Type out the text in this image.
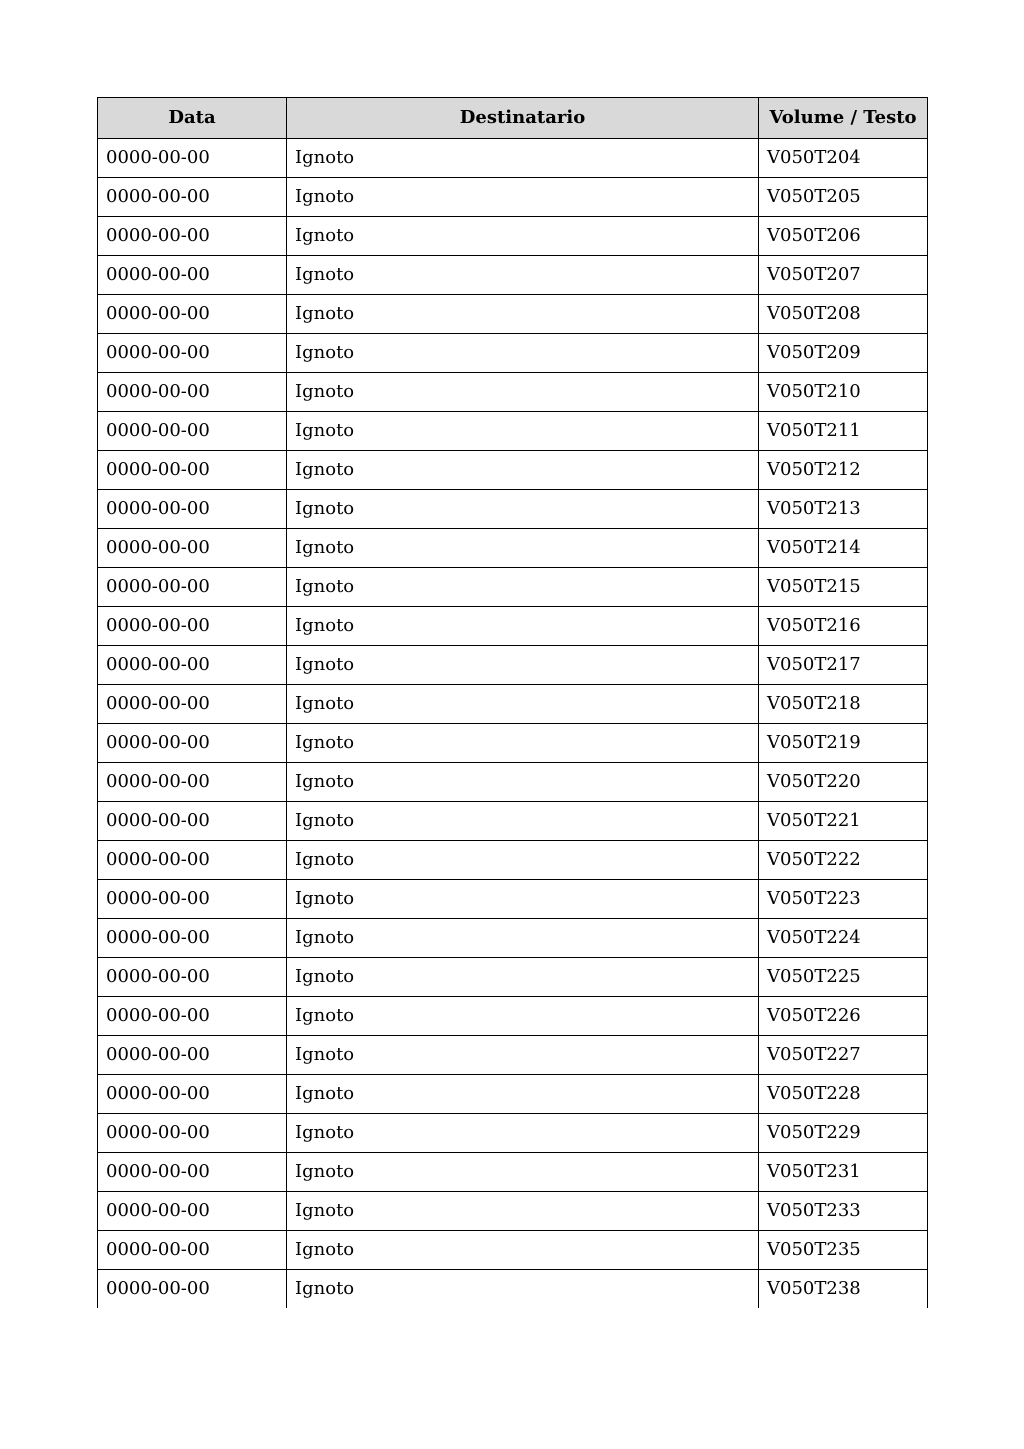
Data	Destinatario	Volume / Testo
0000-00-00	Ignoto	V050T204
0000-00-00	Ignoto	V050T205
0000-00-00	Ignoto	V050T206
0000-00-00	Ignoto	V050T207
0000-00-00	Ignoto	V050T208
0000-00-00	Ignoto	V050T209
0000-00-00	Ignoto	V050T210
0000-00-00	Ignoto	V050T211
0000-00-00	Ignoto	V050T212
0000-00-00	Ignoto	V050T213
0000-00-00	Ignoto	V050T214
0000-00-00	Ignoto	V050T215
0000-00-00	Ignoto	V050T216
0000-00-00	Ignoto	V050T217
0000-00-00	Ignoto	V050T218
0000-00-00	Ignoto	V050T219
0000-00-00	Ignoto	V050T220
0000-00-00	Ignoto	V050T221
0000-00-00	Ignoto	V050T222
0000-00-00	Ignoto	V050T223
0000-00-00	Ignoto	V050T224
0000-00-00	Ignoto	V050T225
0000-00-00	Ignoto	V050T226
0000-00-00	Ignoto	V050T227
0000-00-00	Ignoto	V050T228
0000-00-00	Ignoto	V050T229
0000-00-00	Ignoto	V050T231
0000-00-00	Ignoto	V050T233
0000-00-00	Ignoto	V050T235
0000-00-00	Ignoto	V050T238
